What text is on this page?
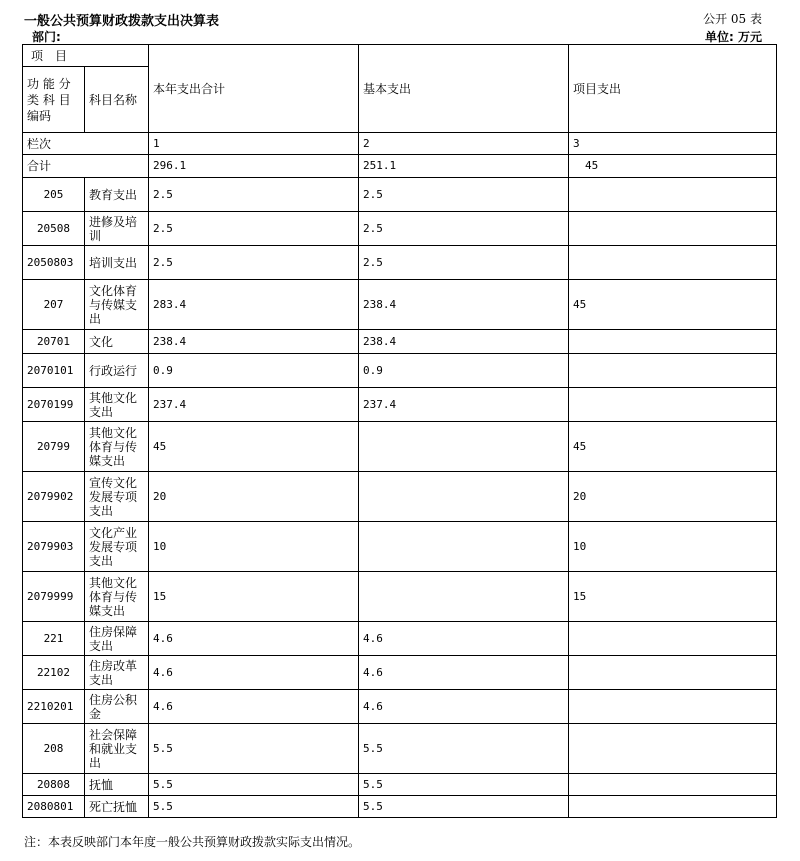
一般公共预算财政拨款支出决算表
部门:
公开 05 表
单位: 万元
项　目		本年支出合计	基本支出	项目支出
功 能 分 类 科 目 编码	科目名称			
栏次		1	2	3
合计		296.1	251.1	45
205	教育支出	2.5	2.5	
20508	进修及培训	2.5	2.5	
2050803	培训支出	2.5	2.5	
207	文化体育与传媒支出	283.4	238.4	45
20701	文化	238.4	238.4	
2070101	行政运行	0.9	0.9	
2070199	其他文化支出	237.4	237.4	
20799	其他文化体育与传媒支出	45		45
2079902	宣传文化发展专项支出	20		20
2079903	文化产业发展专项支出	10		10
2079999	其他文化体育与传媒支出	15		15
221	住房保障支出	4.6	4.6	
22102	住房改革支出	4.6	4.6	
2210201	住房公积金	4.6	4.6	
208	社会保障和就业支出	5.5	5.5	
20808	抚恤	5.5	5.5	
2080801	死亡抚恤	5.5	5.5	
注：本表反映部门本年度一般公共预算财政拨款实际支出情况。
